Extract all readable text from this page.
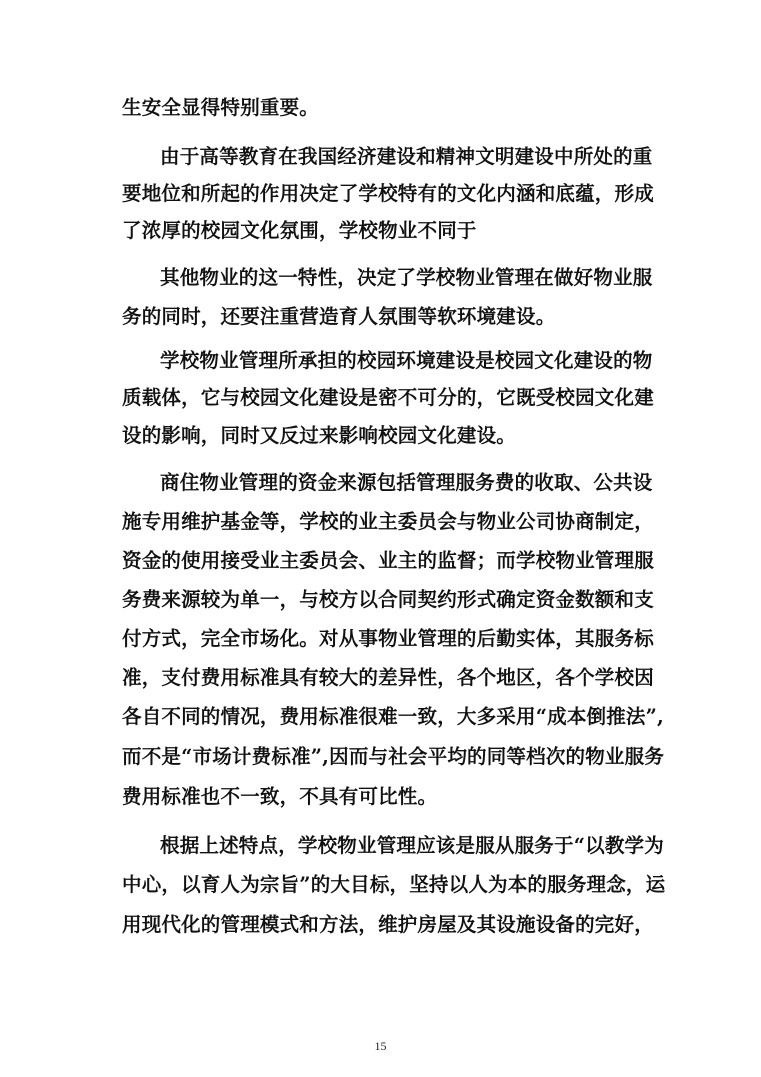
生安全显得特别重要。
由于高等教育在我国经济建设和精神文明建设中所处的重
要地位和所起的作用决定了学校特有的文化内涵和底蕴，形成
了浓厚的校园文化氛围，学校物业不同于
其他物业的这一特性，决定了学校物业管理在做好物业服
务的同时，还要注重营造育人氛围等软环境建设。
学校物业管理所承担的校园环境建设是校园文化建设的物
质载体，它与校园文化建设是密不可分的，它既受校园文化建
设的影响，同时又反过来影响校园文化建设。
商住物业管理的资金来源包括管理服务费的收取、公共设
施专用维护基金等，学校的业主委员会与物业公司协商制定，
资金的使用接受业主委员会、业主的监督；而学校物业管理服
务费来源较为单一，与校方以合同契约形式确定资金数额和支
付方式，完全市场化。对从事物业管理的后勤实体，其服务标
准，支付费用标准具有较大的差异性，各个地区，各个学校因
各自不同的情况，费用标准很难一致，大多采用“成本倒推法”,
而不是“市场计费标准”,因而与社会平均的同等档次的物业服务
费用标准也不一致，不具有可比性。
根据上述特点，学校物业管理应该是服从服务于“以教学为
中心，以育人为宗旨”的大目标，坚持以人为本的服务理念，运
用现代化的管理模式和方法，维护房屋及其设施设备的完好，
15
